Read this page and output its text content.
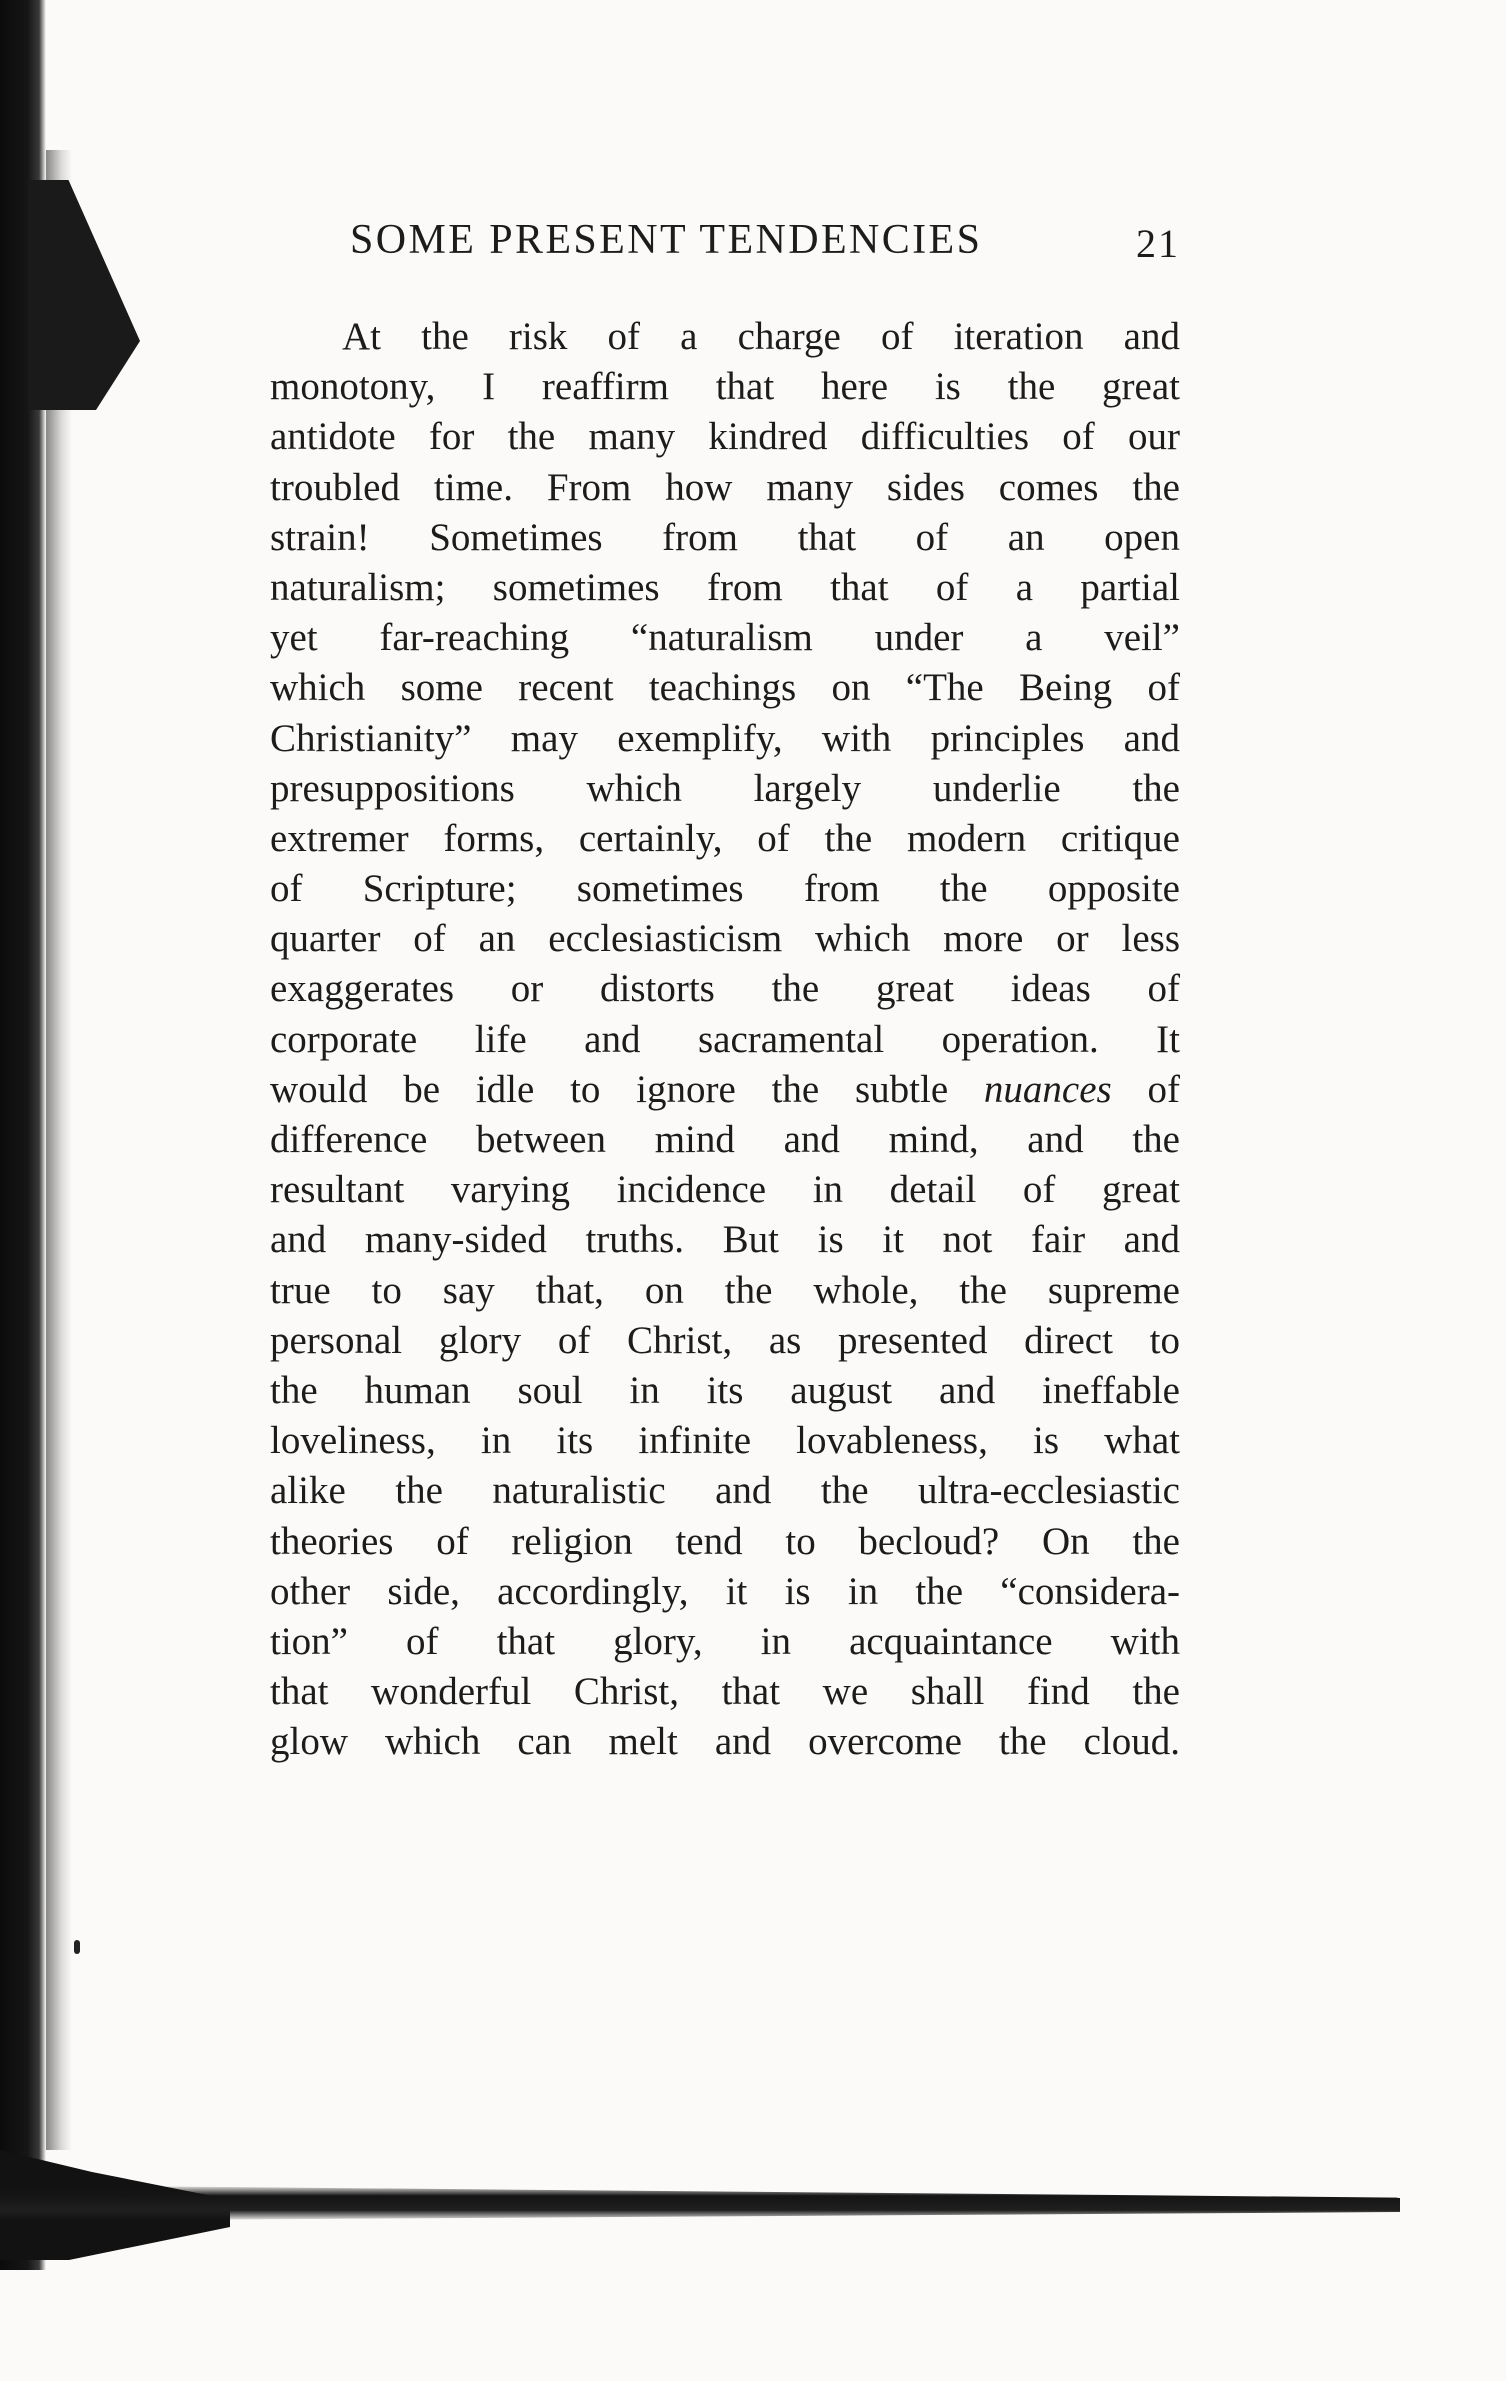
SOME PRESENT TENDENCIES	21
At the risk of a charge of iteration and
monotony, I reaffirm that here is the great
antidote for the many kindred difficulties of our
troubled time. From how many sides comes the
strain! Sometimes from that of an open
naturalism; sometimes from that of a partial
yet far-reaching “naturalism under a veil”
which some recent teachings on “The Being of
Christianity” may exemplify, with principles and
presuppositions which largely underlie the
extremer forms, certainly, of the modern critique
of Scripture; sometimes from the opposite
quarter of an ecclesiasticism which more or less
exaggerates or distorts the great ideas of
corporate life and sacramental operation. It
would be idle to ignore the subtle nuances of
difference between mind and mind, and the
resultant varying incidence in detail of great
and many-sided truths. But is it not fair and
true to say that, on the whole, the supreme
personal glory of Christ, as presented direct to
the human soul in its august and ineffable
loveliness, in its infinite lovableness, is what
alike the naturalistic and the ultra-ecclesiastic
theories of religion tend to becloud? On the
other side, accordingly, it is in the “considera-
tion” of that glory, in acquaintance with
that wonderful Christ, that we shall find the
glow which can melt and overcome the cloud.
